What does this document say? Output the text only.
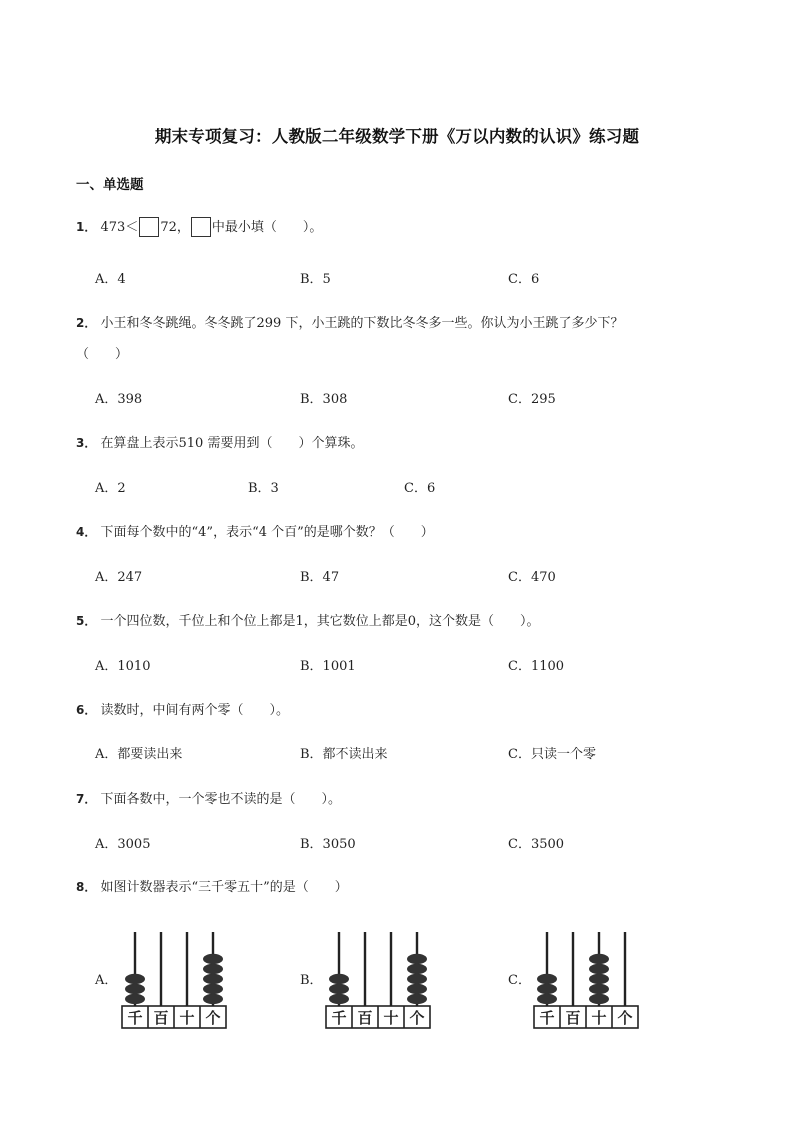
期末专项复习：人教版二年级数学下册《万以内数的认识》练习题
一、单选题
1． 473＜ 72， 中最小填（　　）。
A．4	B．5	C．6
2． 小王和冬冬跳绳。冬冬跳了299 下，小王跳的下数比冬冬多一些。你认为小王跳了多少下？
（　　）
A．398	B．308	C．295
3． 在算盘上表示510 需要用到（　　）个算珠。
A．2	B．3	C．6
4． 下面每个数中的“4”，表示“4 个百”的是哪个数？（　　）
A．247	B．47	C．470
5． 一个四位数，千位上和个位上都是1，其它数位上都是0，这个数是（　　）。
A．1010	B．1001	C．1100
6． 读数时，中间有两个零（　　）。
A．都要读出来	B．都不读出来	C．只读一个零
7． 下面各数中，一个零也不读的是（　　）。
A．3005	B．3050	C．3500
8． 如图计数器表示“三千零五十”的是（　　）
A．	B．	C．
千 百 十 个	千 百 十 个	千 百 十 个
